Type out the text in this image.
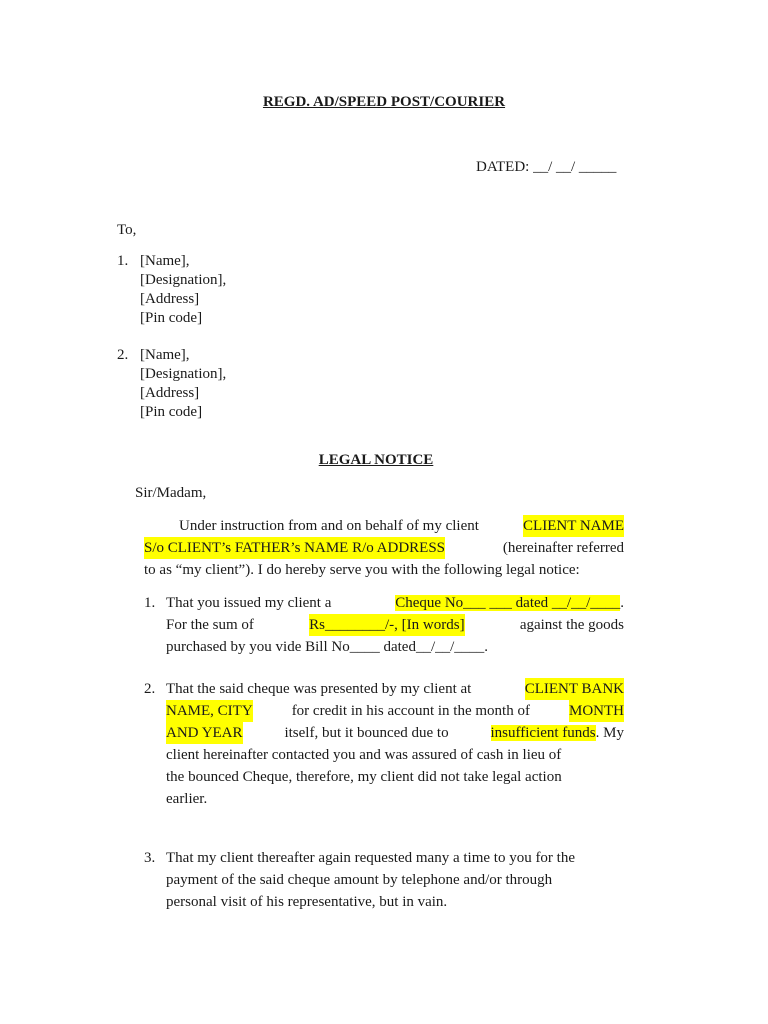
REGD. AD/SPEED POST/COURIER
DATED: __/ __/ _____
To,
1. [Name],
[Designation],
[Address]
[Pin code]
2. [Name],
[Designation],
[Address]
[Pin code]
LEGAL NOTICE
Sir/Madam,
Under instruction from and on behalf of my client	CLIENT NAME
S/o CLIENT’s FATHER’s NAME R/o ADDRESS	(hereinafter referred
to as “my client”). I do hereby serve you with the following legal notice:
1. That you issued my client a	Cheque No___ ___ dated __/__/____.
For the sum of	Rs________/-, [In words]	against the goods
purchased by you vide Bill No____ dated__/__/____.
2. That the said cheque was presented by my client at	CLIENT BANK
NAME, CITY	for credit in his account in the month of	MONTH
AND YEAR	itself, but it bounced due to	insufficient funds. My
client hereinafter contacted you and was assured of cash in lieu of
the bounced Cheque, therefore, my client did not take legal action
earlier.
3. That my client thereafter again requested many a time to you for the
payment of the said cheque amount by telephone and/or through
personal visit of his representative, but in vain.
